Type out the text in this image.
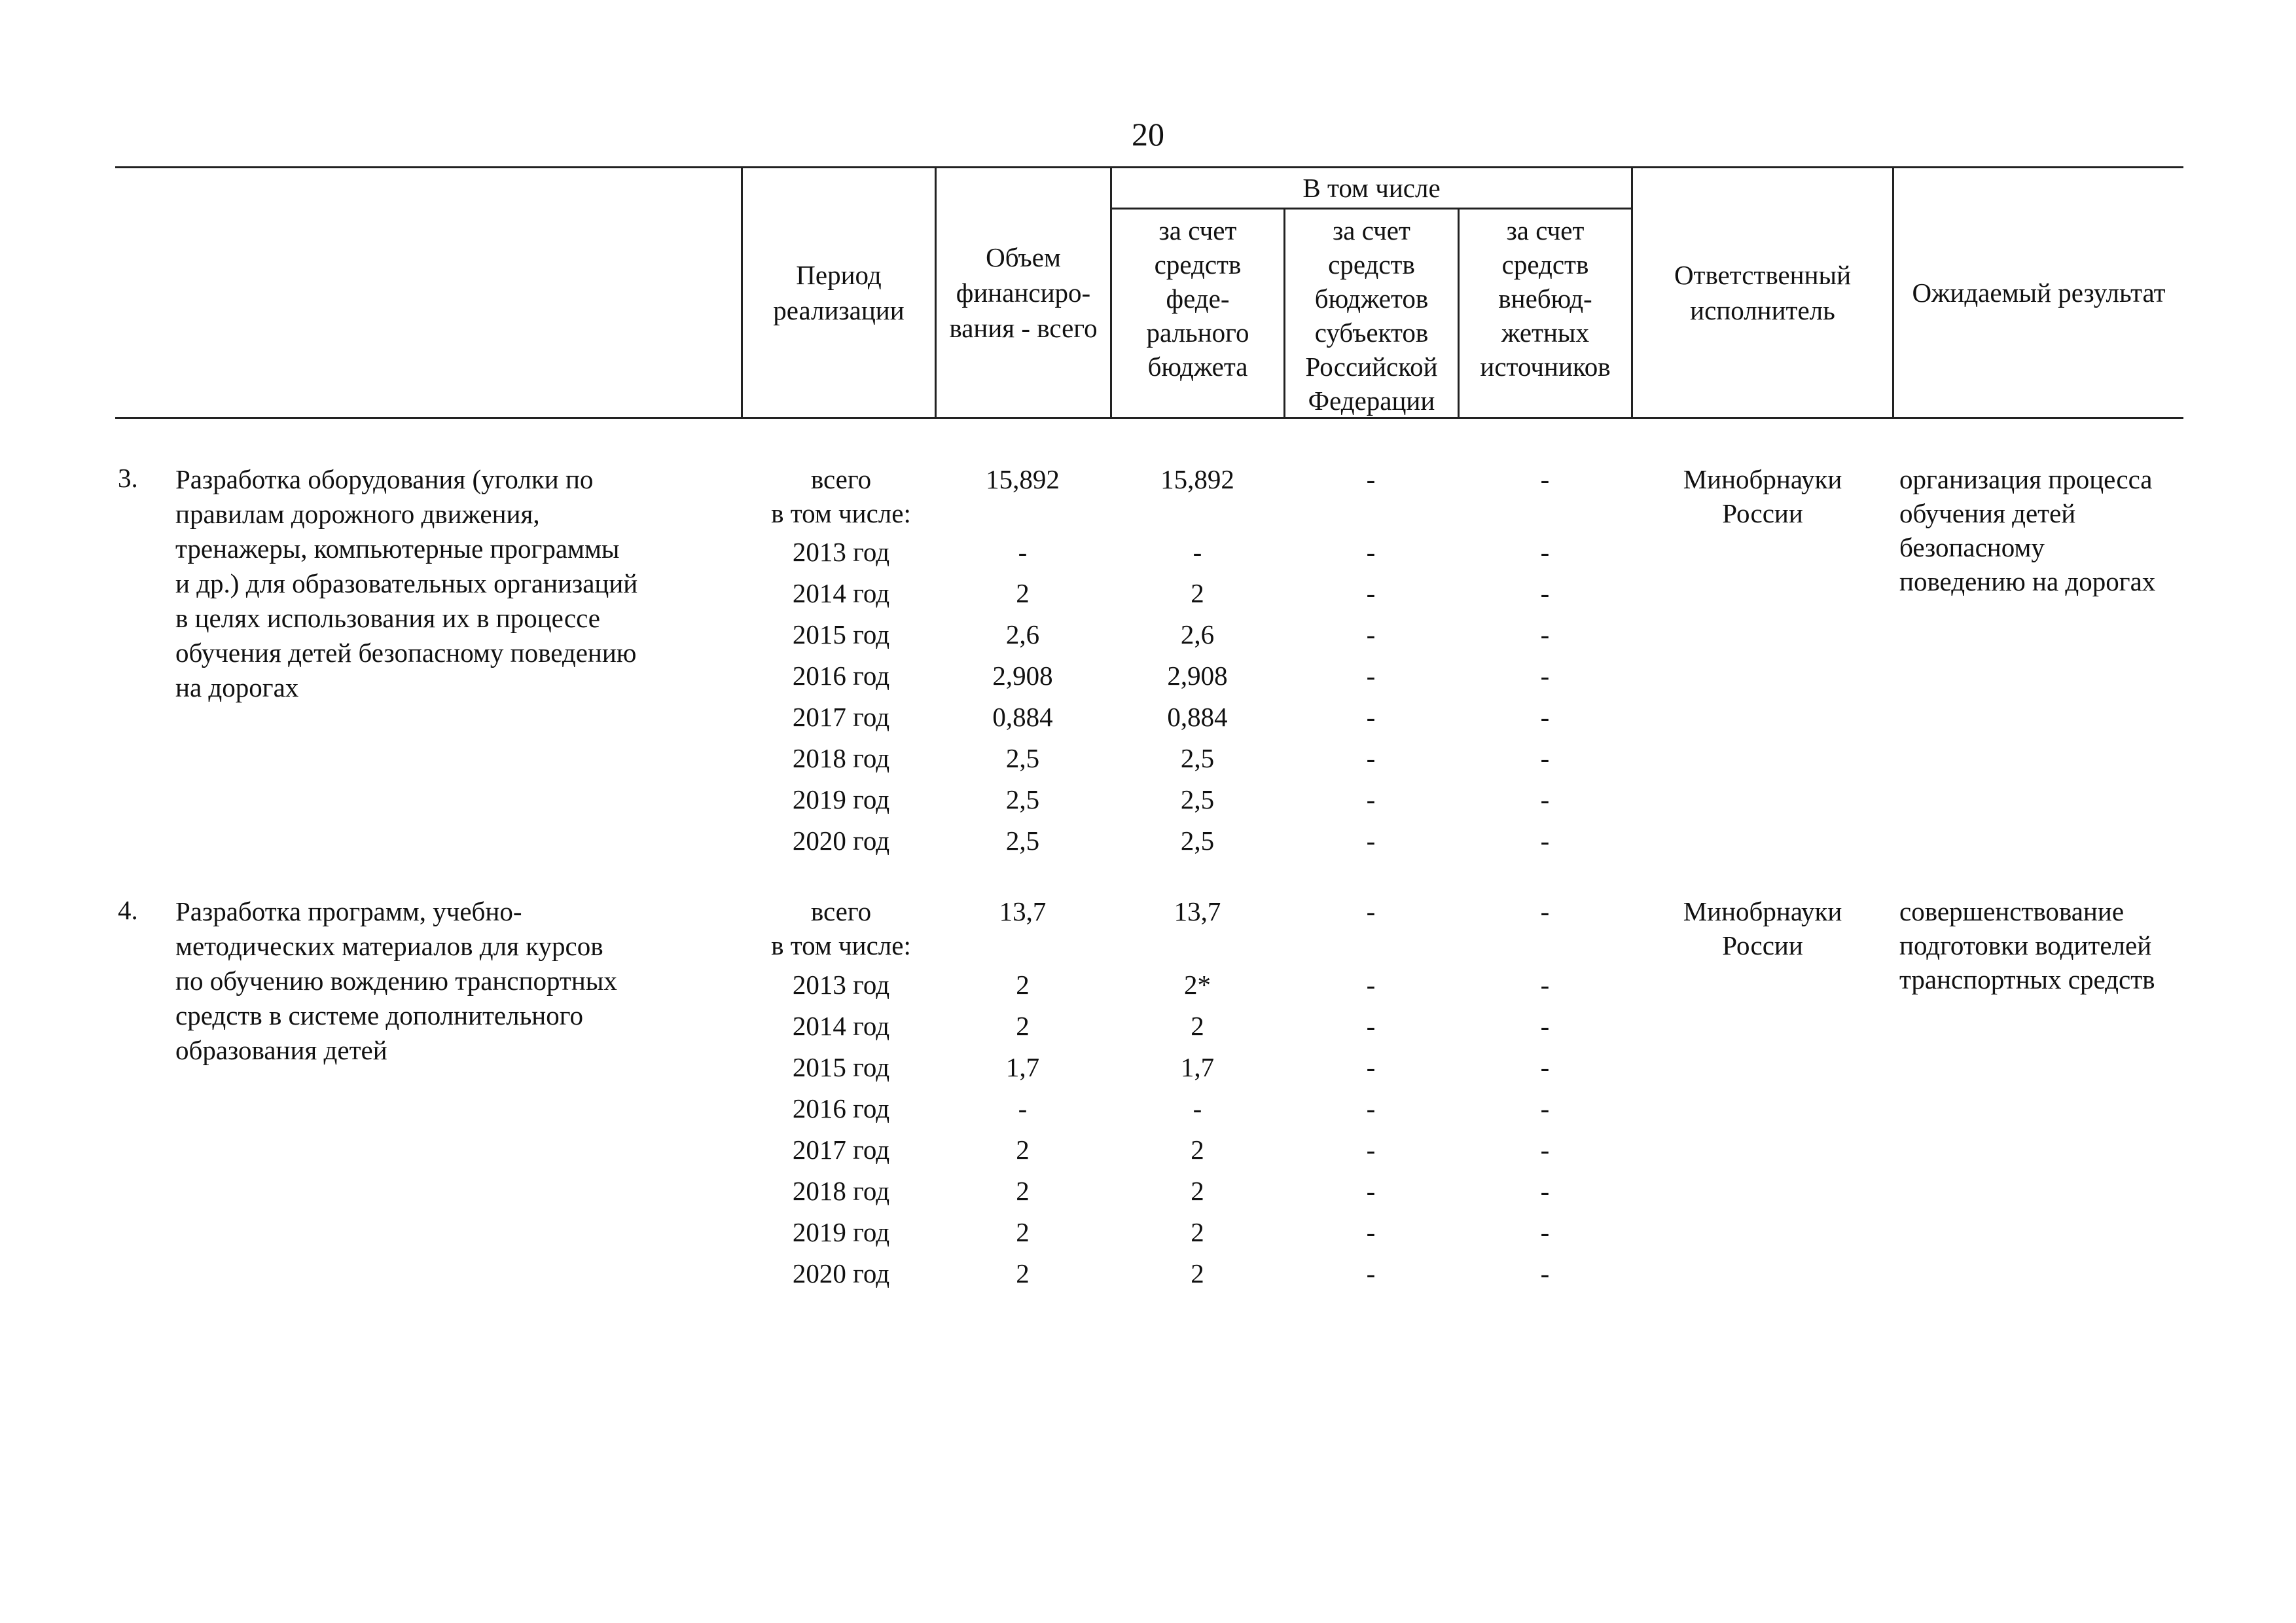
20
Период реализации
Объем финансиро- вания - всего
В том числе
за счет средств феде- рального бюджета
за счет средств бюджетов субъектов Российской Федерации
за счет средств внебюд- жетных источников
Ответственный исполнитель
Ожидаемый результат
3.	Разработка оборудования (уголки по
правилам дорожного движения,
тренажеры, компьютерные программы
и др.) для образовательных организаций
в целях использования их в процессе
обучения детей безопасному поведению
на дорогах
всего
в том числе:
2013 год
2014 год
2015 год
2016 год
2017 год
2018 год
2019 год
2020 год
15,892
-
2
2,6
2,908
0,884
2,5
2,5
2,5
15,892
-
2
2,6
2,908
0,884
2,5
2,5
2,5
-
-
-
-
-
-
-
-
-
-
-
-
-
-
-
-
-
-
Минобрнауки
России
организация процесса
обучения детей
безопасному
поведению на дорогах
4.	Разработка программ, учебно-
методических материалов для курсов
по обучению вождению транспортных
средств в системе дополнительного
образования детей
всего
в том числе:
2013 год
2014 год
2015 год
2016 год
2017 год
2018 год
2019 год
2020 год
13,7
2
2
1,7
-
2
2
2
2
13,7
2*
2
1,7
-
2
2
2
2
-
-
-
-
-
-
-
-
-
-
-
-
-
-
-
-
-
-
Минобрнауки
России
совершенствование
подготовки водителей
транспортных средств
